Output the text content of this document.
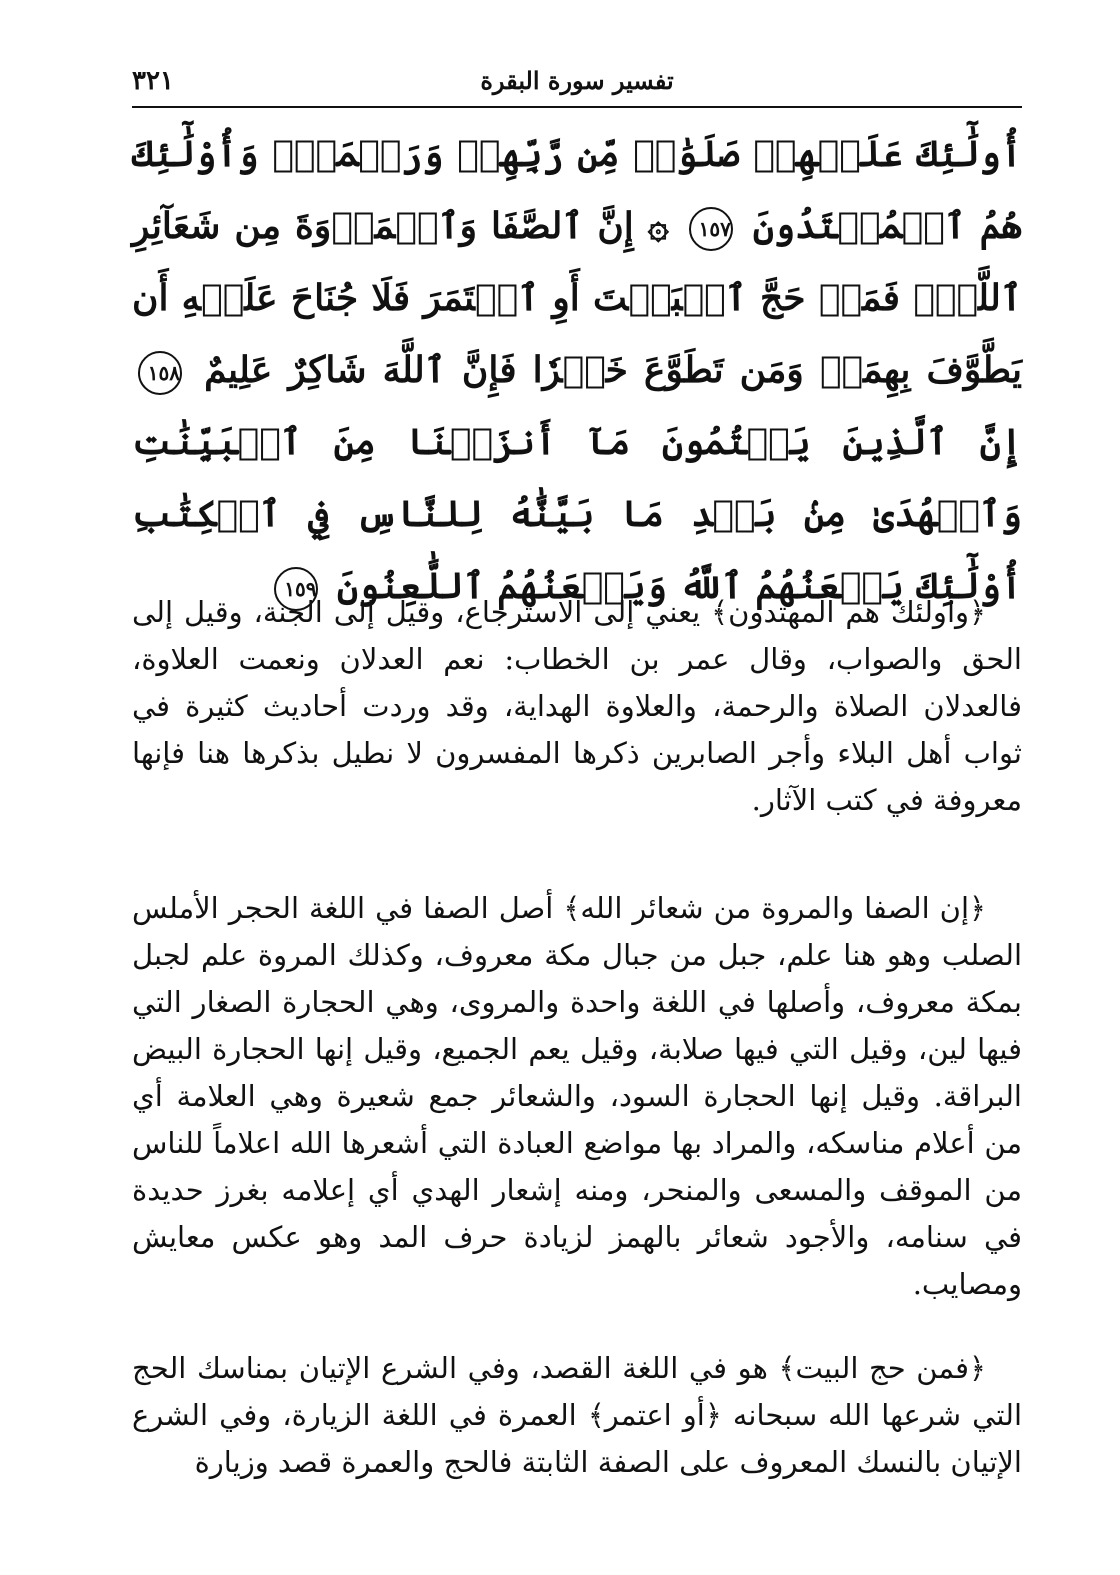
٣٢١	تفسير سورة البقرة
أُولَٰٓئِكَ عَلَيۡهِمۡ صَلَوَٰتٞ مِّن رَّبِّهِمۡ وَرَحۡمَةٞۖ وَأُوْلَٰٓئِكَ هُمُ ٱلۡمُهۡتَدُونَ ١٥٧ ۞ إِنَّ ٱلصَّفَا وَٱلۡمَرۡوَةَ مِن شَعَآئِرِ ٱللَّهِۖ فَمَنۡ حَجَّ ٱلۡبَيۡتَ أَوِ ٱعۡتَمَرَ فَلَا جُنَاحَ عَلَيۡهِ أَن يَطَّوَّفَ بِهِمَاۚ وَمَن تَطَوَّعَ خَيۡرٗا فَإِنَّ ٱللَّهَ شَاكِرٌ عَلِيمٌ ١٥٨ إِنَّ ٱلَّذِينَ يَكۡتُمُونَ مَآ أَنزَلۡنَا مِنَ ٱلۡبَيِّنَٰتِ وَٱلۡهُدَىٰ مِنۢ بَعۡدِ مَا بَيَّنَّٰهُ لِلنَّاسِ فِي ٱلۡكِتَٰبِ أُوْلَٰٓئِكَ يَلۡعَنُهُمُ ٱللَّهُ وَيَلۡعَنُهُمُ ٱللَّٰعِنُونَ ١٥٩

﴿وأولئك هم المهتدون﴾ يعني إلى الاسترجاع، وقيل إلى الجنة، وقيل إلى الحق والصواب، وقال عمر بن الخطاب: نعم العدلان ونعمت العلاوة، فالعدلان الصلاة والرحمة، والعلاوة الهداية، وقد وردت أحاديث كثيرة في ثواب أهل البلاء وأجر الصابرين ذكرها المفسرون لا نطيل بذكرها هنا فإنها معروفة في كتب الآثار.

﴿إن الصفا والمروة من شعائر الله﴾ أصل الصفا في اللغة الحجر الأملس الصلب وهو هنا علم، جبل من جبال مكة معروف، وكذلك المروة علم لجبل بمكة معروف، وأصلها في اللغة واحدة والمروى، وهي الحجارة الصغار التي فيها لين، وقيل التي فيها صلابة، وقيل يعم الجميع، وقيل إنها الحجارة البيض البراقة. وقيل إنها الحجارة السود، والشعائر جمع شعيرة وهي العلامة أي من أعلام مناسكه، والمراد بها مواضع العبادة التي أشعرها الله اعلاماً للناس من الموقف والمسعى والمنحر، ومنه إشعار الهدي أي إعلامه بغرز حديدة في سنامه، والأجود شعائر بالهمز لزيادة حرف المد وهو عكس معايش ومصايب.

﴿فمن حج البيت﴾ هو في اللغة القصد، وفي الشرع الإتيان بمناسك الحج التي شرعها الله سبحانه ﴿أو اعتمر﴾ العمرة في اللغة الزيارة، وفي الشرع الإتيان بالنسك المعروف على الصفة الثابتة فالحج والعمرة قصد وزيارة
